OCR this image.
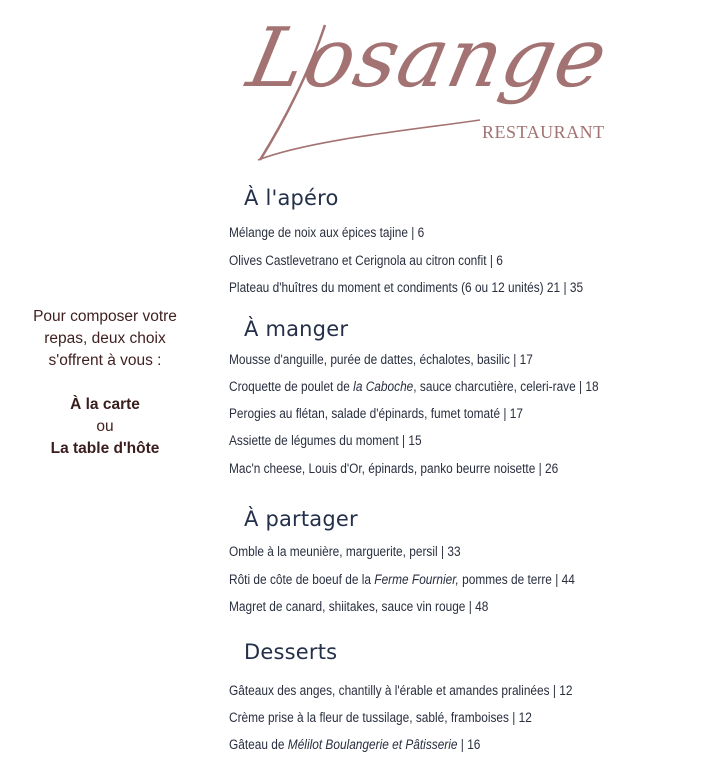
Losange
RESTAURANT
Pour composer votre
repas, deux choix
s'offrent à vous :
À la carte
ou
La table d'hôte
À l'apéro
Mélange de noix aux épices tajine | 6
Olives Castlevetrano et Cerignola au citron confit | 6
Plateau d'huîtres du moment et condiments (6 ou 12 unités) 21 | 35
À manger
Mousse d'anguille, purée de dattes, échalotes, basilic | 17
Croquette de poulet de la Caboche, sauce charcutière, celeri-rave | 18
Perogies au flétan, salade d'épinards, fumet tomaté | 17
Assiette de légumes du moment | 15
Mac'n cheese, Louis d'Or, épinards, panko beurre noisette | 26
À partager
Omble à la meunière, marguerite, persil | 33
Rôti de côte de boeuf de la Ferme Fournier, pommes de terre | 44
Magret de canard, shiitakes, sauce vin rouge | 48
Desserts
Gâteaux des anges, chantilly à l'érable et amandes pralinées | 12
Crème prise à la fleur de tussilage, sablé, framboises | 12
Gâteau de Mélilot Boulangerie et Pâtisserie | 16
